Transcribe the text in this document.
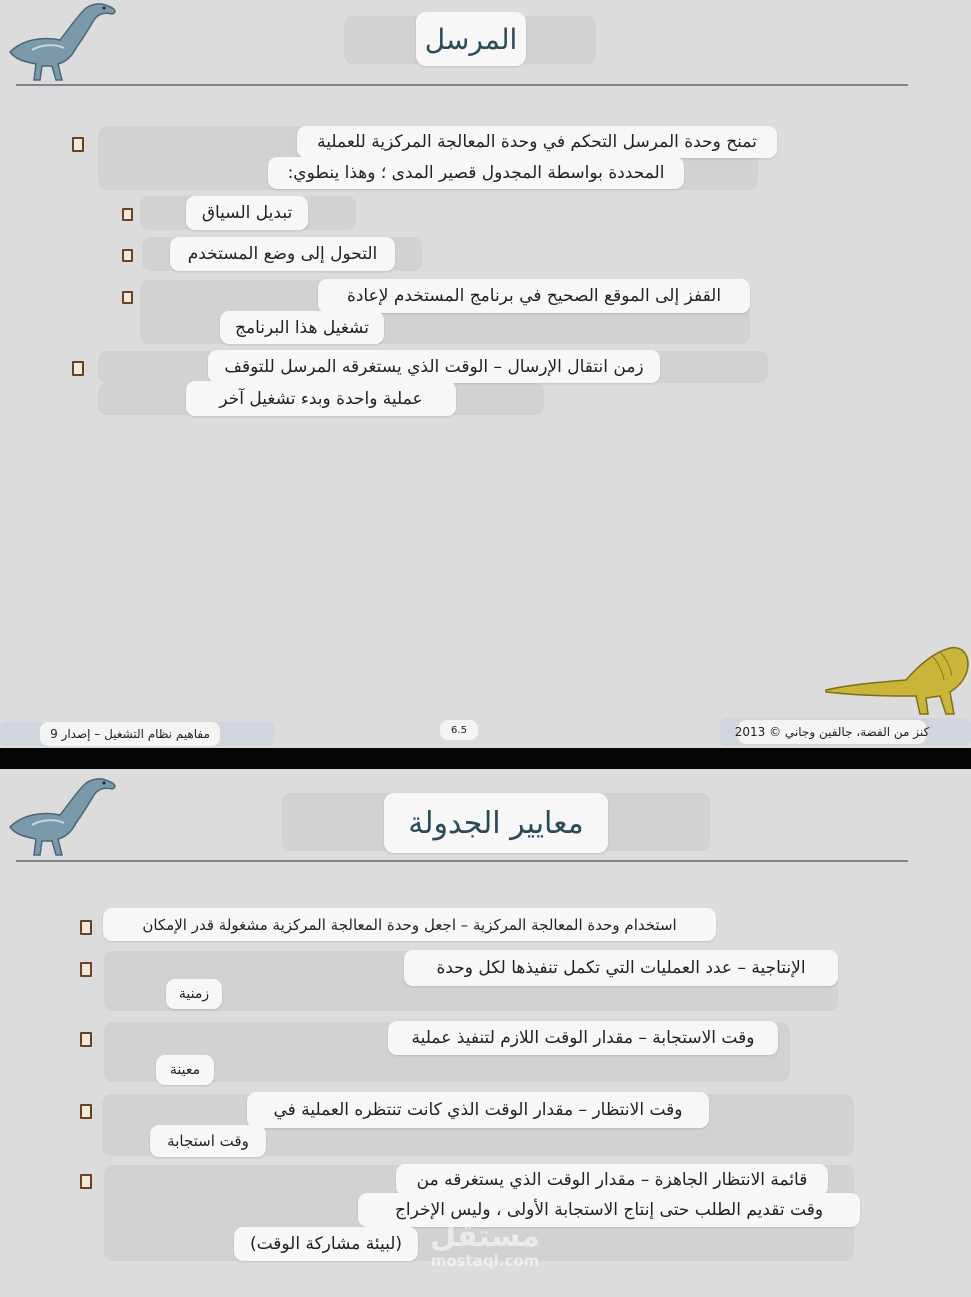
المرسل
تمنح وحدة المرسل التحكم في وحدة المعالجة المركزية للعملية
المحددة بواسطة المجدول قصير المدى ؛ وهذا ينطوي:
تبديل السياق
التحول إلى وضع المستخدم
القفز إلى الموقع الصحيح في برنامج المستخدم لإعادة
تشغيل هذا البرنامج
زمن انتقال الإرسال – الوقت الذي يستغرقه المرسل للتوقف
عملية واحدة وبدء تشغيل آخر
مفاهيم نظام التشغيل – إصدار 9	6.5	كنز من الفضة، جالفين وجاني © 2013
معايير الجدولة
استخدام وحدة المعالجة المركزية – اجعل وحدة المعالجة المركزية مشغولة قدر الإمكان
الإنتاجية – عدد العمليات التي تكمل تنفيذها لكل وحدة
زمنية
وقت الاستجابة – مقدار الوقت اللازم لتنفيذ عملية
معينة
وقت الانتظار – مقدار الوقت الذي كانت تنتظره العملية في
وقت استجابة
قائمة الانتظار الجاهزة – مقدار الوقت الذي يستغرقه من
وقت تقديم الطلب حتى إنتاج الاستجابة الأولى ، وليس الإخراج
(لبيئة مشاركة الوقت) مستقل
mostaql.com
